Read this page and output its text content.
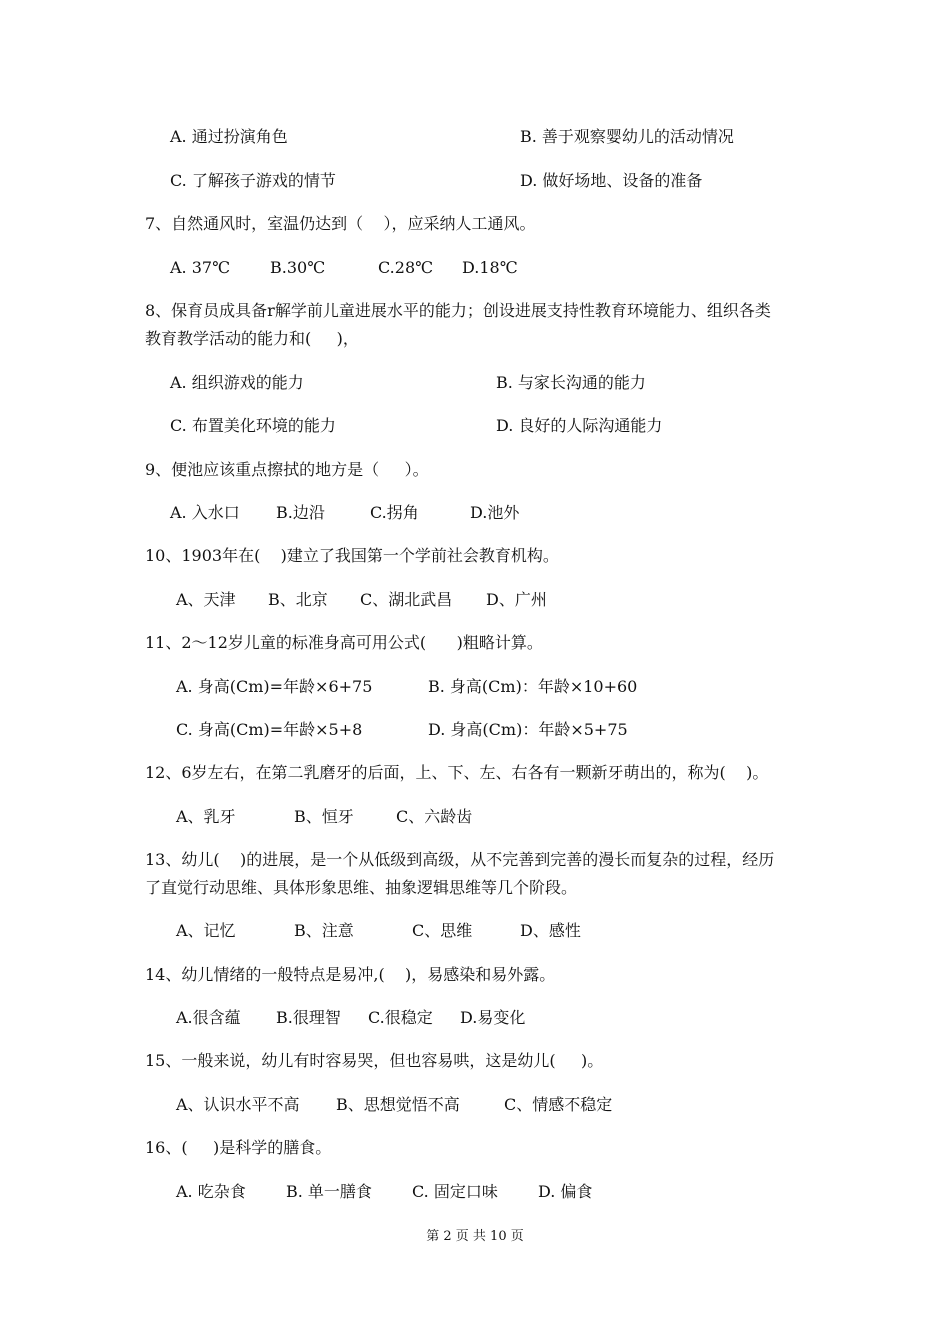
A. 通过扮演角色	B. 善于观察婴幼儿的活动情况
C. 了解孩子游戏的情节	D. 做好场地、设备的准备
7、自然通风时，室温仍达到（    ），应采纳人工通风。
A. 37℃	B.30℃	C.28℃ D.18℃
8、保育员成具备r解学前儿童进展水平的能力；创设进展支持性教育环境能力、组织各类
教育教学活动的能力和(     )，
A. 组织游戏的能力	B. 与家长沟通的能力
C. 布置美化环境的能力	D. 良好的人际沟通能力
9、便池应该重点擦拭的地方是（     ）。
A. 入水口 B.边沿	C.拐角	D.池外
10、1903年在(    )建立了我国第一个学前社会教育机构。
A、天津 B、北京 C、湖北武昌 D、广州
11、2～12岁儿童的标准身高可用公式(      )粗略计算。
A. 身高(Cm)=年龄×6+75	B. 身高(Cm)：年龄×10+60
C. 身高(Cm)=年龄×5+8	D. 身高(Cm)：年龄×5+75
12、6岁左右，在第二乳磨牙的后面，上、下、左、右各有一颗新牙萌出的，称为(    )。
A、乳牙	B、恒牙	C、六龄齿
13、幼儿(    )的进展，是一个从低级到高级，从不完善到完善的漫长而复杂的过程，经历
了直觉行动思维、具体形象思维、抽象逻辑思维等几个阶段。
A、记忆	B、注意	C、思维	D、感性
14、幼儿情绪的一般特点是易冲,(    )，易感染和易外露。
A.很含蕴 B.很理智 C.很稳定 D.易变化
15、一般来说，幼儿有时容易哭，但也容易哄，这是幼儿(     )。
A、认识水平不高 B、思想觉悟不高	C、情感不稳定
16、(     )是科学的膳食。
A. 吃杂食	B. 单一膳食	C. 固定口味	D. 偏食
第 2 页 共 10 页
